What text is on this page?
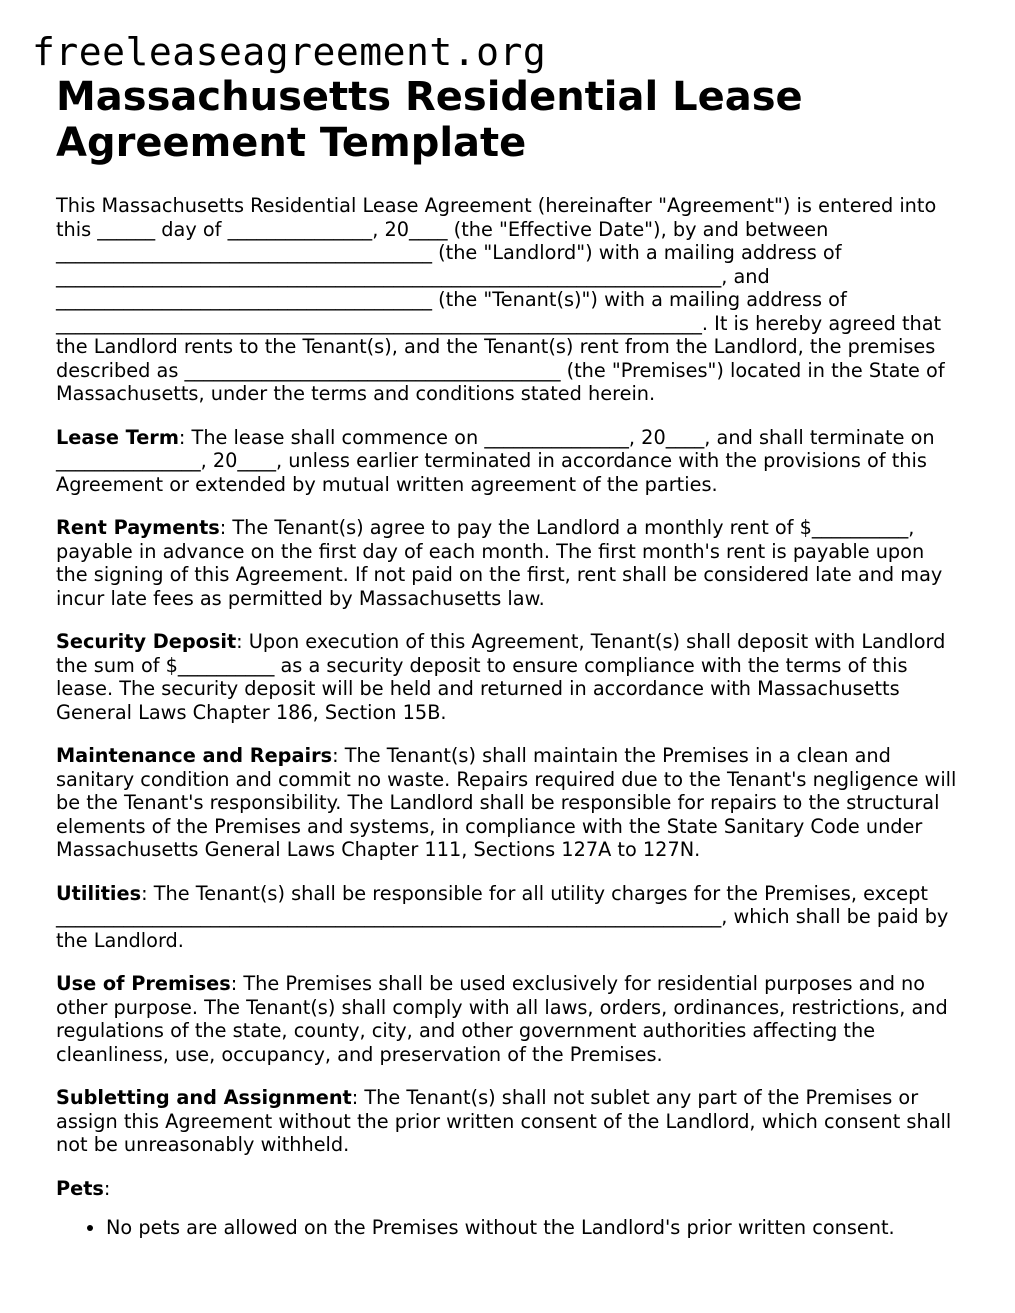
freeleaseagreement.org
Massachusetts Residential Lease Agreement Template

This Massachusetts Residential Lease Agreement (hereinafter "Agreement") is entered into this ______ day of _______________, 20____ (the "Effective Date"), by and between _______________________________________ (the "Landlord") with a mailing address of _____________________________________________________________________, and _______________________________________ (the "Tenant(s)") with a mailing address of ___________________________________________________________________. It is hereby agreed that the Landlord rents to the Tenant(s), and the Tenant(s) rent from the Landlord, the premises described as _______________________________________ (the "Premises") located in the State of Massachusetts, under the terms and conditions stated herein.

Lease Term: The lease shall commence on _______________, 20____, and shall terminate on _______________, 20____, unless earlier terminated in accordance with the provisions of this Agreement or extended by mutual written agreement of the parties.

Rent Payments: The Tenant(s) agree to pay the Landlord a monthly rent of $__________, payable in advance on the first day of each month. The first month's rent is payable upon the signing of this Agreement. If not paid on the first, rent shall be considered late and may incur late fees as permitted by Massachusetts law.

Security Deposit: Upon execution of this Agreement, Tenant(s) shall deposit with Landlord the sum of $__________ as a security deposit to ensure compliance with the terms of this lease. The security deposit will be held and returned in accordance with Massachusetts General Laws Chapter 186, Section 15B.

Maintenance and Repairs: The Tenant(s) shall maintain the Premises in a clean and sanitary condition and commit no waste. Repairs required due to the Tenant's negligence will be the Tenant's responsibility. The Landlord shall be responsible for repairs to the structural elements of the Premises and systems, in compliance with the State Sanitary Code under Massachusetts General Laws Chapter 111, Sections 127A to 127N.

Utilities: The Tenant(s) shall be responsible for all utility charges for the Premises, except _____________________________________________________________________, which shall be paid by the Landlord.

Use of Premises: The Premises shall be used exclusively for residential purposes and no other purpose. The Tenant(s) shall comply with all laws, orders, ordinances, restrictions, and regulations of the state, county, city, and other government authorities affecting the cleanliness, use, occupancy, and preservation of the Premises.

Subletting and Assignment: The Tenant(s) shall not sublet any part of the Premises or assign this Agreement without the prior written consent of the Landlord, which consent shall not be unreasonably withheld.

Pets:

• No pets are allowed on the Premises without the Landlord's prior written consent.
